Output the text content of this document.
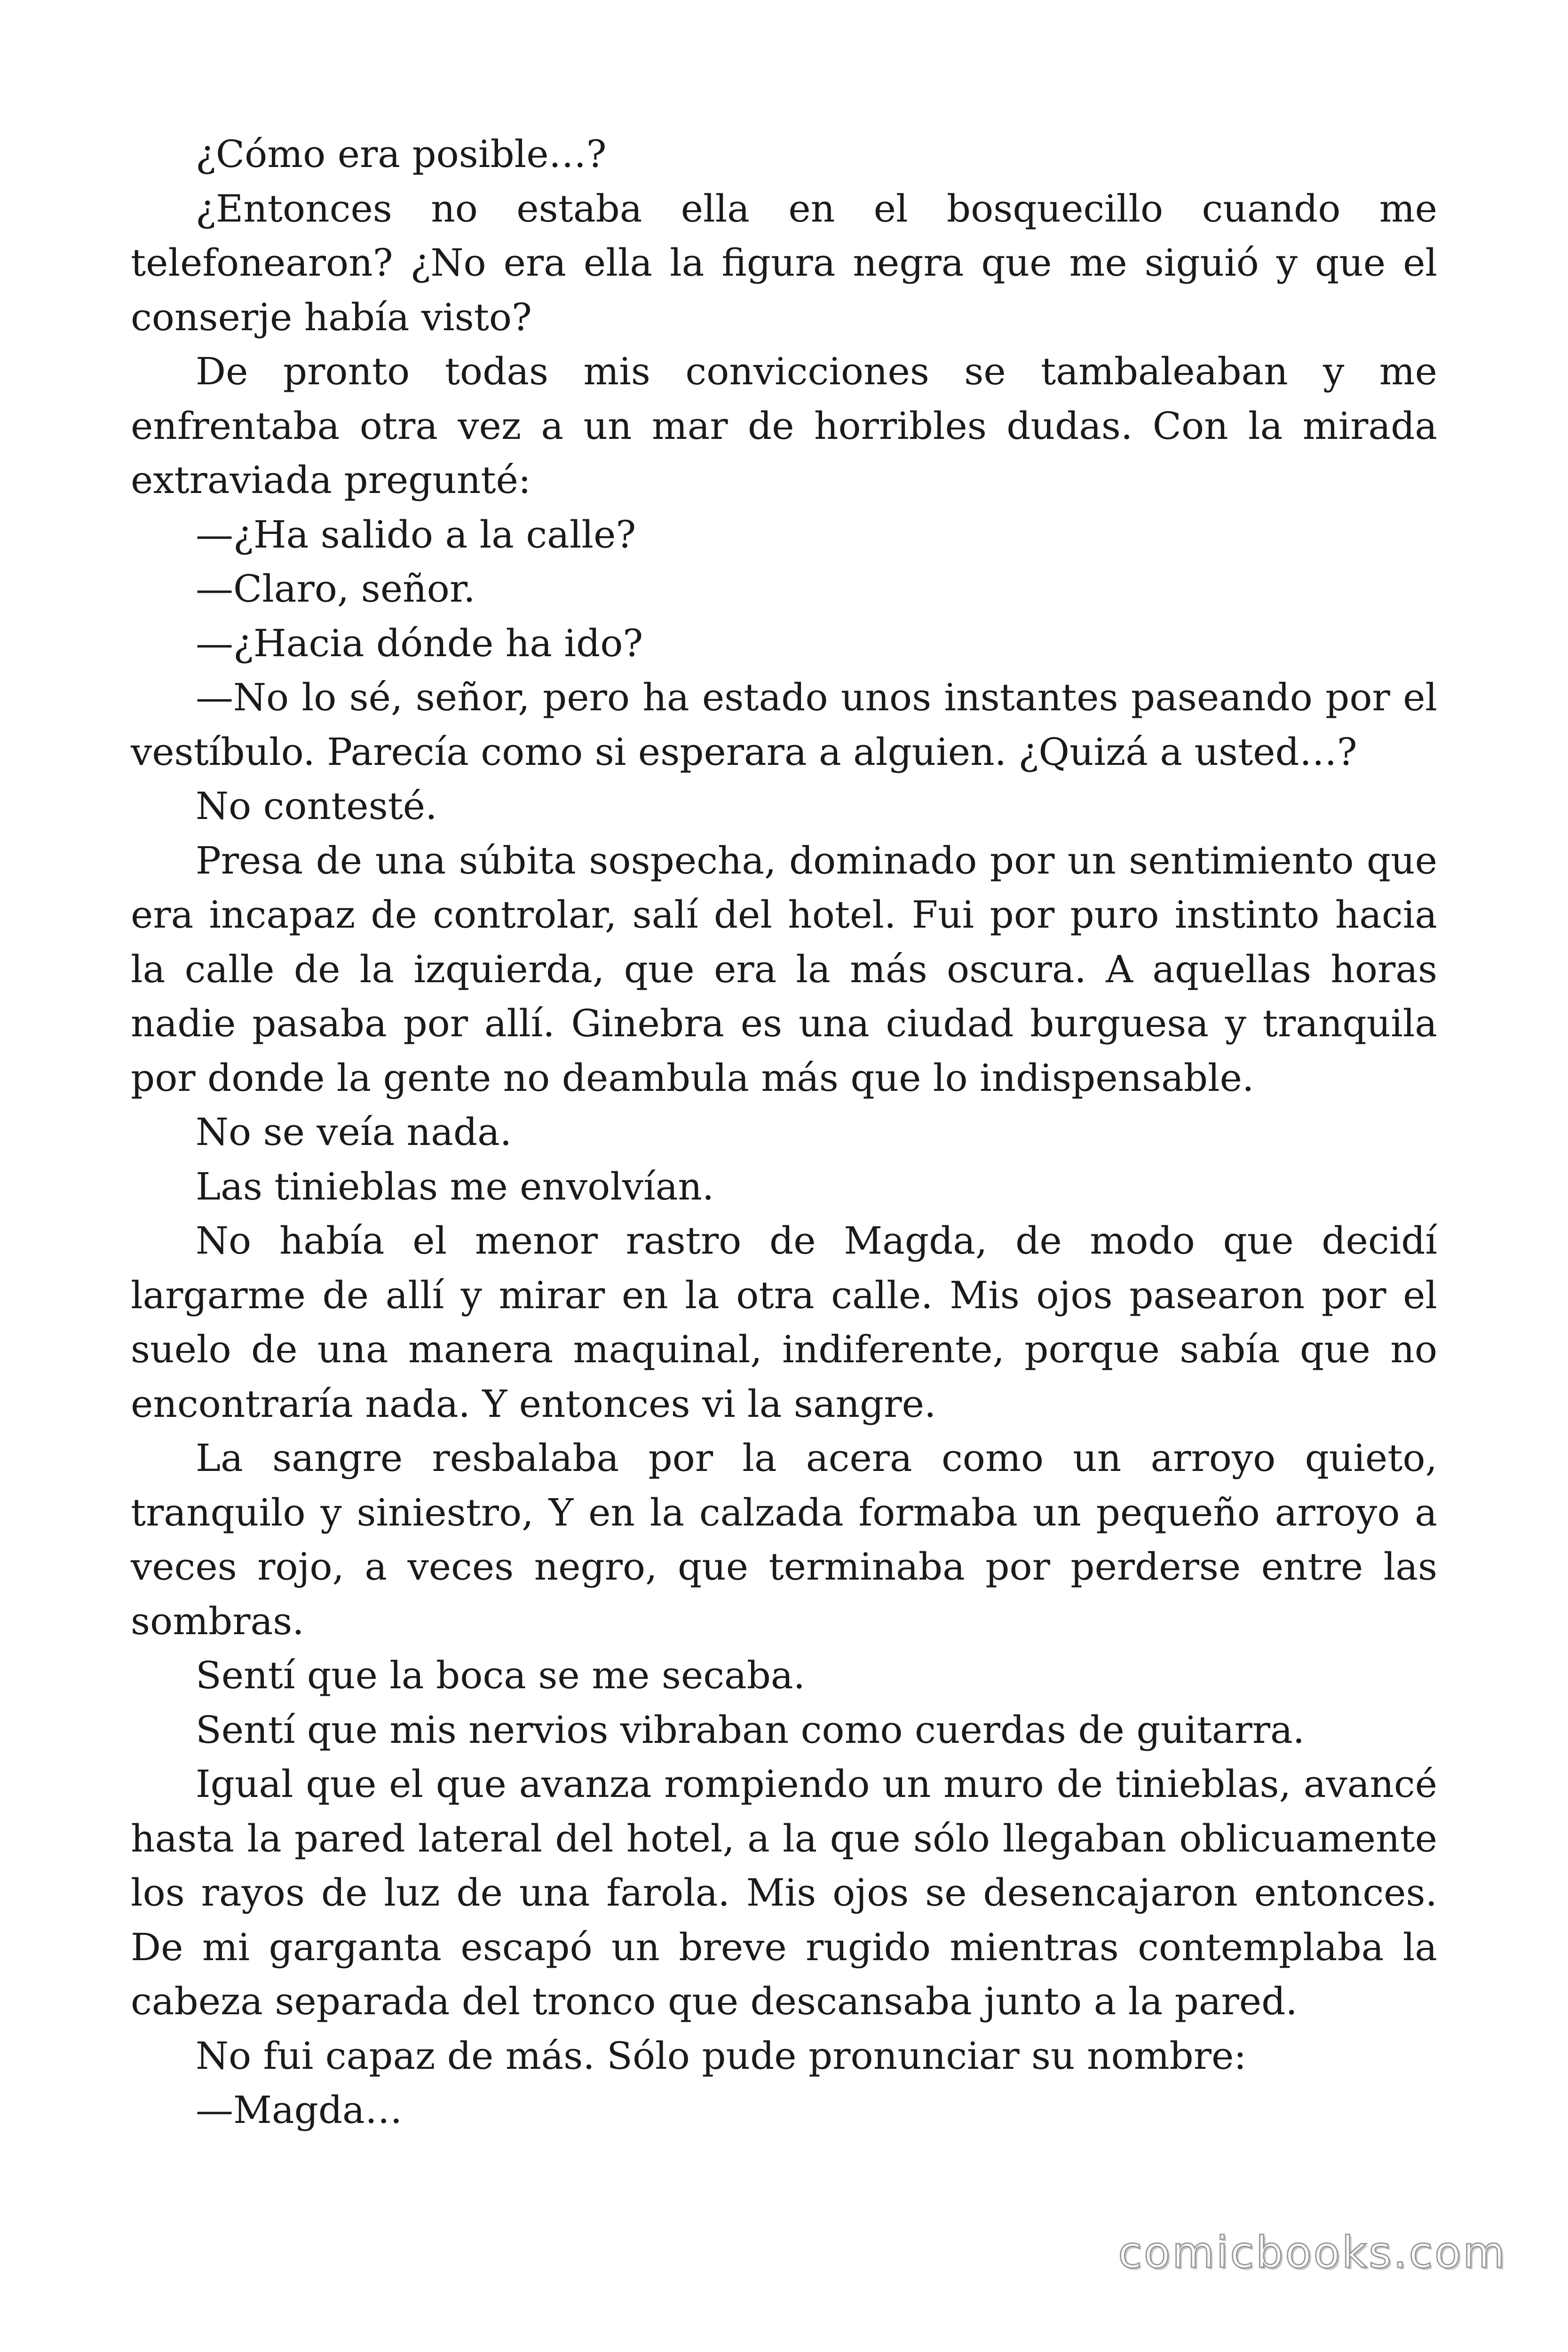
¿Cómo era posible…?

¿Entonces no estaba ella en el bosquecillo cuando me telefonearon? ¿No era ella la figura negra que me siguió y que el conserje había visto?

De pronto todas mis convicciones se tambaleaban y me enfrentaba otra vez a un mar de horribles dudas. Con la mirada extraviada pregunté:

—¿Ha salido a la calle?

—Claro, señor.

—¿Hacia dónde ha ido?

—No lo sé, señor, pero ha estado unos instantes paseando por el vestíbulo. Parecía como si esperara a alguien. ¿Quizá a usted…?

No contesté.

Presa de una súbita sospecha, dominado por un sentimiento que era incapaz de controlar, salí del hotel. Fui por puro instinto hacia la calle de la izquierda, que era la más oscura. A aquellas horas nadie pasaba por allí. Ginebra es una ciudad burguesa y tranquila por donde la gente no deambula más que lo indispensable.

No se veía nada.

Las tinieblas me envolvían.

No había el menor rastro de Magda, de modo que decidí largarme de allí y mirar en la otra calle. Mis ojos pasearon por el suelo de una manera maquinal, indiferente, porque sabía que no encontraría nada. Y entonces vi la sangre.

La sangre resbalaba por la acera como un arroyo quieto, tranquilo y siniestro, Y en la calzada formaba un pequeño arroyo a veces rojo, a veces negro, que terminaba por perderse entre las sombras.

Sentí que la boca se me secaba.

Sentí que mis nervios vibraban como cuerdas de guitarra.

Igual que el que avanza rompiendo un muro de tinieblas, avancé hasta la pared lateral del hotel, a la que sólo llegaban oblicuamente los rayos de luz de una farola. Mis ojos se desencajaron entonces. De mi garganta escapó un breve rugido mientras contemplaba la cabeza separada del tronco que descansaba junto a la pared.

No fui capaz de más. Sólo pude pronunciar su nombre:

—Magda…

comicbooks.com
